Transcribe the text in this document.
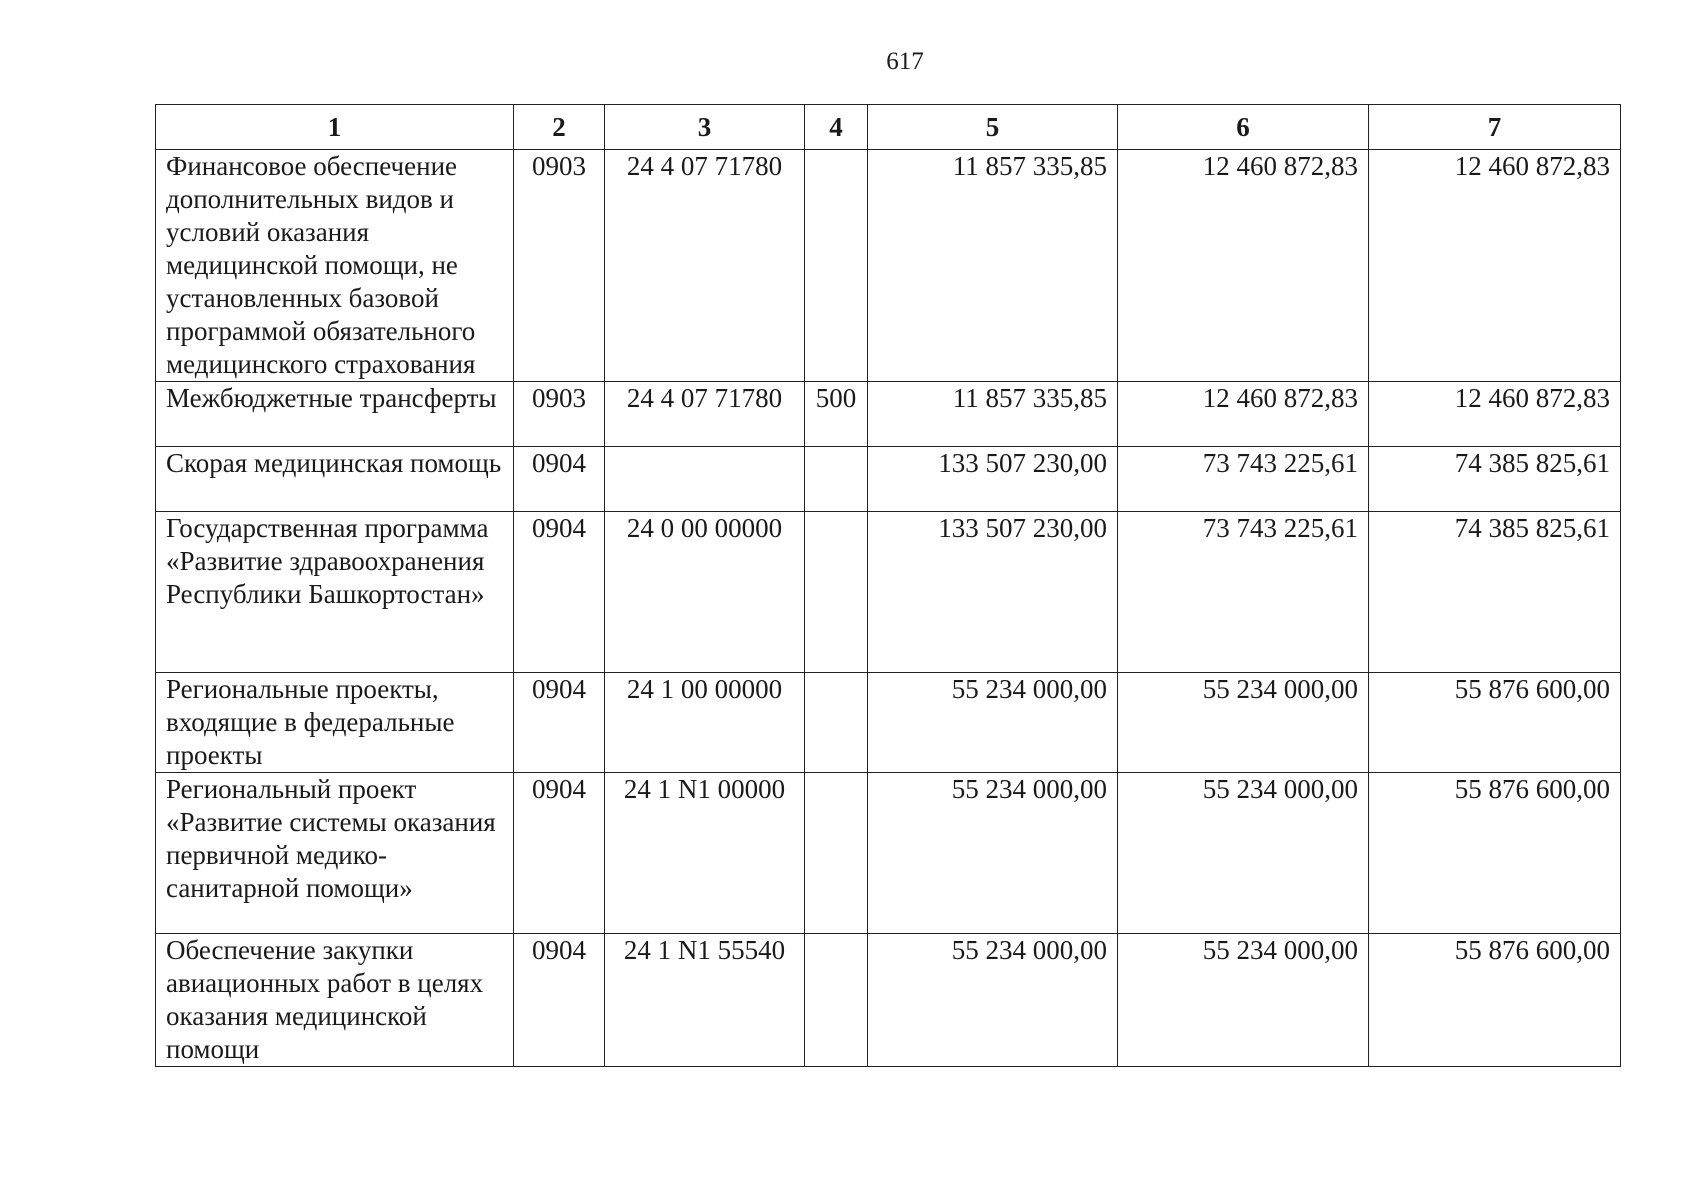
617
1	2	3	4	5	6	7
Финансовое обеспечение дополнительных видов и условий оказания медицинской помощи, не установленных базовой программой обязательного медицинского страхования	0903	24 4 07 71780		11 857 335,85	12 460 872,83	12 460 872,83
Межбюджетные трансферты	0903	24 4 07 71780	500	11 857 335,85	12 460 872,83	12 460 872,83
Скорая медицинская помощь	0904			133 507 230,00	73 743 225,61	74 385 825,61
Государственная программа «Развитие здравоохранения Республики Башкортостан»	0904	24 0 00 00000		133 507 230,00	73 743 225,61	74 385 825,61
Региональные проекты, входящие в федеральные проекты	0904	24 1 00 00000		55 234 000,00	55 234 000,00	55 876 600,00
Региональный проект «Развитие системы оказания первичной медико-санитарной помощи»	0904	24 1 N1 00000		55 234 000,00	55 234 000,00	55 876 600,00
Обеспечение закупки авиационных работ в целях оказания медицинской помощи	0904	24 1 N1 55540		55 234 000,00	55 234 000,00	55 876 600,00
